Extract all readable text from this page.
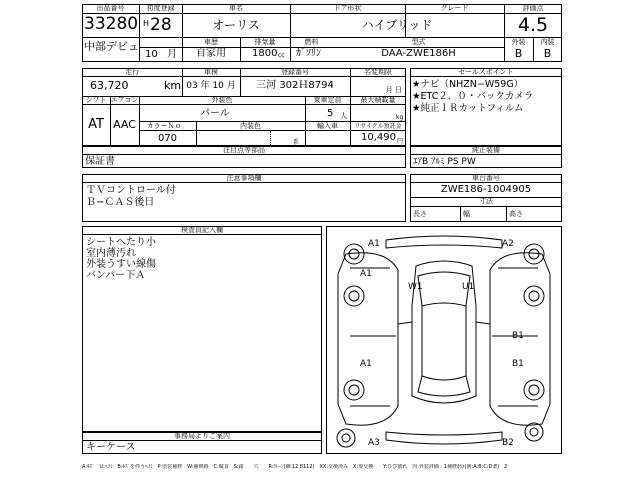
出品番号
33280
中部デビュ
初度登録
H 28
10 月
車名
オーリス
ドア形状	グレード
ハイブリッド
評価点
4.5
車歴
自家用
排気量
1800 cc
燃料
ｶﾞｿﾘﾝ
型式
DAA-ZWE186H
外装	内装
B	B
走行
63,720	km
車検
03 年 10 月
登録番号
三河 302Ｈ8794
名変期限
月 日
シフト エアコン
AT AAC
外装色
パール
乗車定員
5 人
最大積載量
kg
カラーＮｏ．
070
内装色
系
輸入車	リサイクル預託金
10,490 円
セールスポイント
★ナビ（NHZN−W59G）
★ETC２．０・バックカメラ
★純正ＩＲカットフィルム
注目点等部品
保証書
純正装備
ｴｱB ｱﾙﾐ PS PW
注意事項欄
ＴＶコントロール付
Ｂ−ＣＡＳ後日
車台番号
ZWE186-1004905
寸法
長さ	幅	高さ
検査員記入欄
シートへたり小
室内薄汚れ
外装うすい線傷
バンパー下Ａ
事務局よりご案内
キーケース
A1	A2
A1
W1	U1
B1
B1
A1
A3	B2
A:ｷｽﾞ　U:ﾍｺﾐ　B:ｷｽﾞを伴うﾍｺﾐ　P:塗装補修　W:補修跡　C:腐食　S:錆　　穴　　R:ｸﾚｰﾝ(W:12.8112)　XX:交換済み　X:要交換　　Y:ひび割れ　内:外装評価　1補修ｶ分(例:A:B:C:D:E)　2
